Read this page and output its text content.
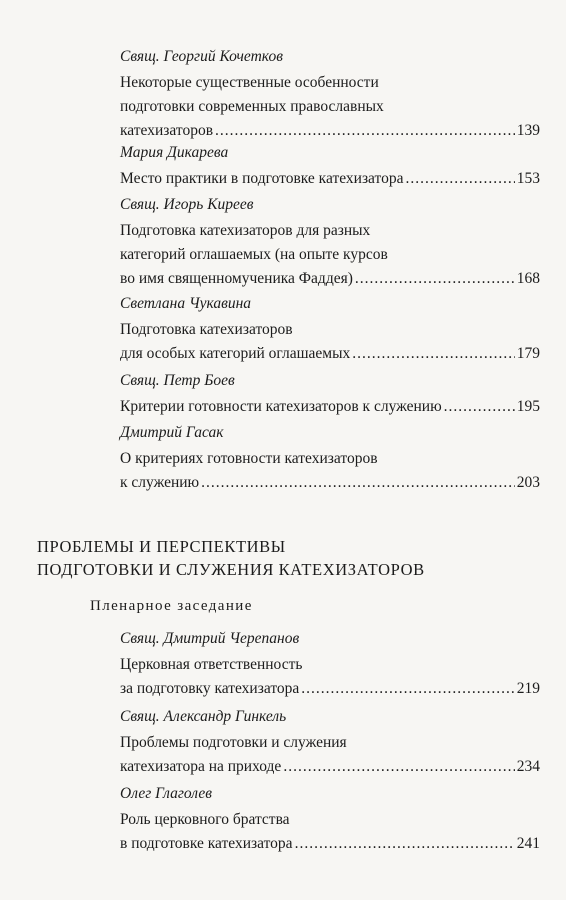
Свящ. Георгий Кочетков
Некоторые существенные особенности
подготовки современных православных
катехизаторов .....	139
Мария Дикарева
Место практики в подготовке катехизатора .....	153
Свящ. Игорь Киреев
Подготовка катехизаторов для разных
категорий оглашаемых (на опыте курсов
во имя священномученика Фаддея) .....	168
Светлана Чукавина
Подготовка катехизаторов
для особых категорий оглашаемых .....	179
Свящ. Петр Боев
Критерии готовности катехизаторов к служению .....	195
Дмитрий Гасак
О критериях готовности катехизаторов
к служению .....	203
ПРОБЛЕМЫ И ПЕРСПЕКТИВЫ
ПОДГОТОВКИ И СЛУЖЕНИЯ КАТЕХИЗАТОРОВ
Пленарное заседание
Свящ. Дмитрий Черепанов
Церковная ответственность
за подготовку катехизатора .....	219
Свящ. Александр Гинкель
Проблемы подготовки и служения
катехизатора на приходе .....	234
Олег Глаголев
Роль церковного братства
в подготовке катехизатора .....	241
